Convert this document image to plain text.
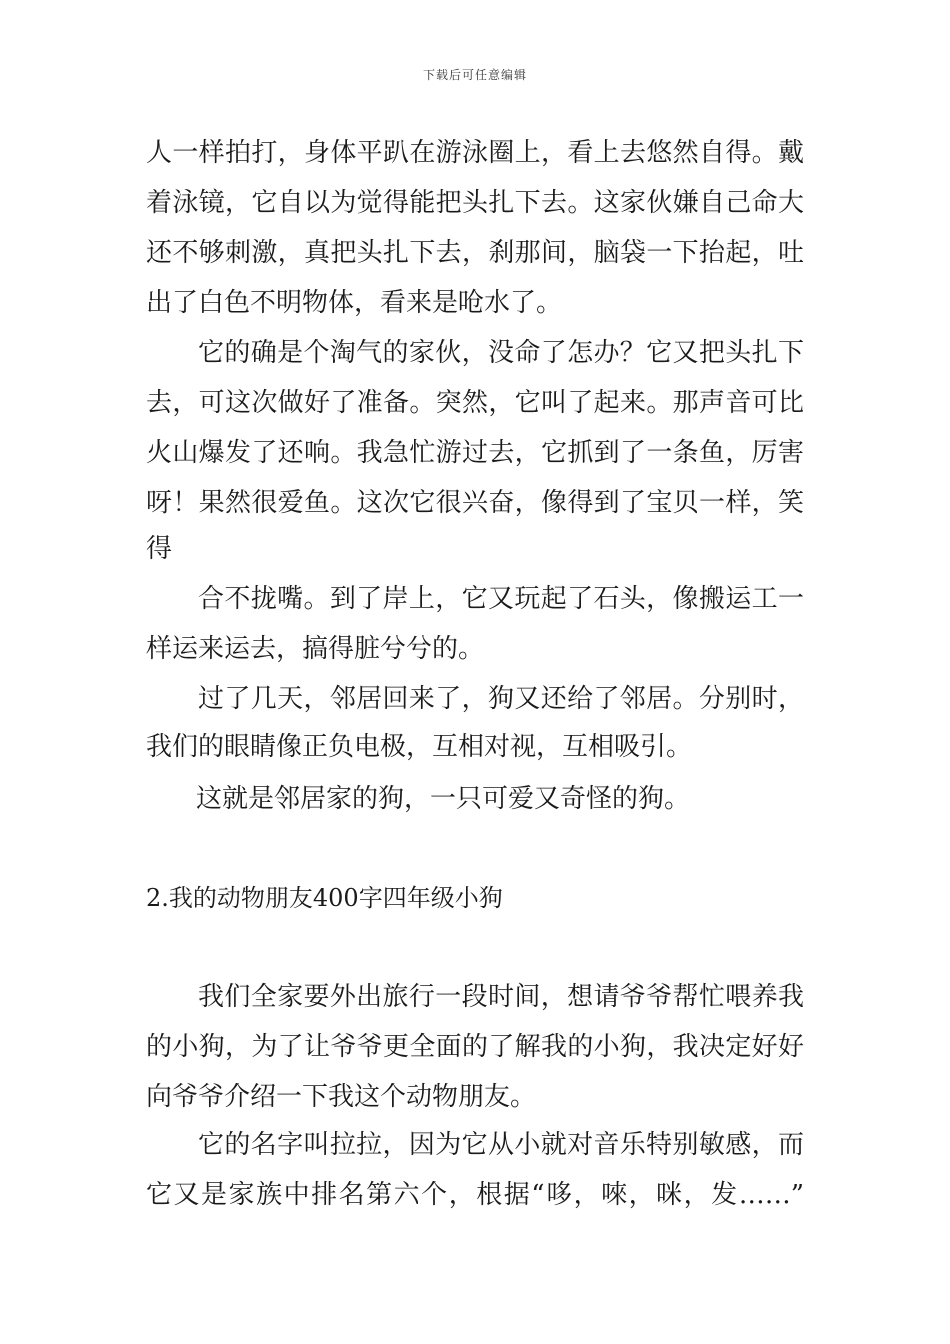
下载后可任意编辑
人一样拍打，身体平趴在游泳圈上，看上去悠然自得。戴
着泳镜，它自以为觉得能把头扎下去。这家伙嫌自己命大
还不够刺激，真把头扎下去，刹那间，脑袋一下抬起，吐
出了白色不明物体，看来是呛水了。
它的确是个淘气的家伙，没命了怎办？它又把头扎下
去，可这次做好了准备。突然，它叫了起来。那声音可比
火山爆发了还响。我急忙游过去，它抓到了一条鱼，厉害
呀！果然很爱鱼。这次它很兴奋，像得到了宝贝一样，笑
得
合不拢嘴。到了岸上，它又玩起了石头，像搬运工一
样运来运去，搞得脏兮兮的。
过了几天，邻居回来了，狗又还给了邻居。分别时，
我们的眼睛像正负电极，互相对视，互相吸引。
这就是邻居家的狗，一只可爱又奇怪的狗。
2.我的动物朋友400字四年级小狗
我们全家要外出旅行一段时间，想请爷爷帮忙喂养我
的小狗，为了让爷爷更全面的了解我的小狗，我决定好好
向爷爷介绍一下我这个动物朋友。
它的名字叫拉拉，因为它从小就对音乐特别敏感，而
它又是家族中排名第六个，根据“哆，唻，咪，发……”
